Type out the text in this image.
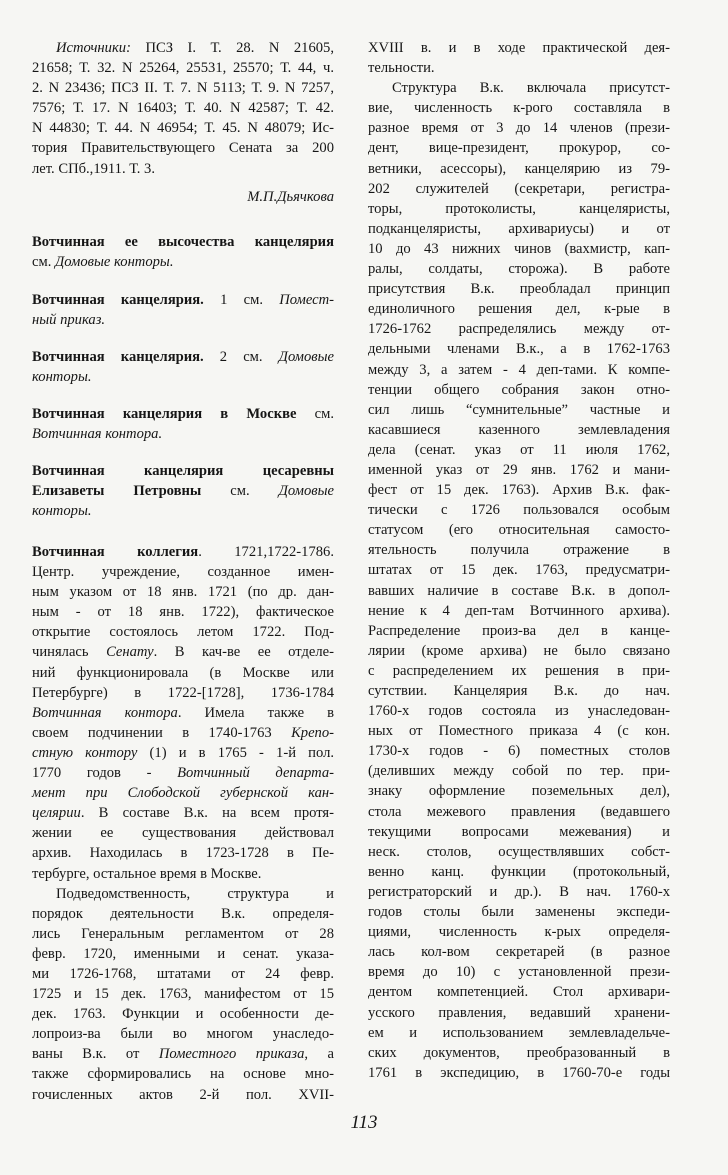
Источники: ПСЗ I. Т. 28. N 21605,
21658; Т. 32. N 25264, 25531, 25570; Т. 44, ч.
2. N 23436; ПСЗ II. Т. 7. N 5113; Т. 9. N 7257,
7576; Т. 17. N 16403; Т. 40. N 42587; Т. 42.
N 44830; Т. 44. N 46954; Т. 45. N 48079; Ис-
тория Правительствующего Сената за 200
лет. СПб.,1911. Т. 3.
М.П.Дьячкова
Вотчинная ее высочества канцелярия
см. Домовые конторы.
Вотчинная канцелярия. 1 см. Помест-
ный приказ.
Вотчинная канцелярия. 2 см. Домовые
конторы.
Вотчинная канцелярия в Москве см.
Вотчинная контора.
Вотчинная канцелярия цесаревны
Елизаветы Петровны см. Домовые
конторы.
Вотчинная коллегия. 1721,1722-1786.
Центр. учреждение, созданное имен-
ным указом от 18 янв. 1721 (по др. дан-
ным - от 18 янв. 1722), фактическое
открытие состоялось летом 1722. Под-
чинялась Сенату. В кач-ве ее отделе-
ний функционировала (в Москве или
Петербурге) в 1722-[1728], 1736-1784
Вотчинная контора. Имела также в
своем подчинении в 1740-1763 Крепо-
стную контору (1) и в 1765 - 1-й пол.
1770 годов - Вотчинный департа-
мент при Слободской губернской кан-
целярии. В составе В.к. на всем протя-
жении ее существования действовал
архив. Находилась в 1723-1728 в Пе-
тербурге, остальное время в Москве.
Подведомственность, структура и
порядок деятельности В.к. определя-
лись Генеральным регламентом от 28
февр. 1720, именными и сенат. указа-
ми 1726-1768, штатами от 24 февр.
1725 и 15 дек. 1763, манифестом от 15
дек. 1763. Функции и особенности де-
лопроиз-ва были во многом унаследо-
ваны В.к. от Поместного приказа, а
также сформировались на основе мно-
гочисленных актов 2-й пол. XVII-
XVIII в. и в ходе практической дея-
тельности.
Структура В.к. включала присутст-
вие, численность к-рого составляла в
разное время от 3 до 14 членов (прези-
дент, вице-президент, прокурор, со-
ветники, асессоры), канцелярию из 79-
202 служителей (секретари, регистра-
торы, протоколисты, канцеляристы,
подканцеляристы, архивариусы) и от
10 до 43 нижних чинов (вахмистр, кап-
ралы, солдаты, сторожа). В работе
присутствия В.к. преобладал принцип
единоличного решения дел, к-рые в
1726-1762 распределялись между от-
дельными членами В.к., а в 1762-1763
между 3, а затем - 4 деп-тами. К компе-
тенции общего собрания закон отно-
сил лишь “сумнительные” частные и
касавшиеся казенного землевладения
дела (сенат. указ от 11 июля 1762,
именной указ от 29 янв. 1762 и мани-
фест от 15 дек. 1763). Архив В.к. фак-
тически с 1726 пользовался особым
статусом (его относительная самосто-
ятельность получила отражение в
штатах от 15 дек. 1763, предусматри-
вавших наличие в составе В.к. в допол-
нение к 4 деп-там Вотчинного архива).
Распределение произ-ва дел в канце-
лярии (кроме архива) не было связано
с распределением их решения в при-
сутствии. Канцелярия В.к. до нач.
1760-х годов состояла из унаследован-
ных от Поместного приказа 4 (с кон.
1730-х годов - 6) поместных столов
(деливших между собой по тер. при-
знаку оформление поземельных дел),
стола межевого правления (ведавшего
текущими вопросами межевания) и
неск. столов, осуществлявших собст-
венно канц. функции (протокольный,
регистраторский и др.). В нач. 1760-х
годов столы были заменены экспеди-
циями, численность к-рых определя-
лась кол-вом секретарей (в разное
время до 10) с установленной прези-
дентом компетенцией. Стол архивари-
усского правления, ведавший хранени-
ем и использованием землевладельче-
ских документов, преобразованный в
1761 в экспедицию, в 1760-70-е годы
113
